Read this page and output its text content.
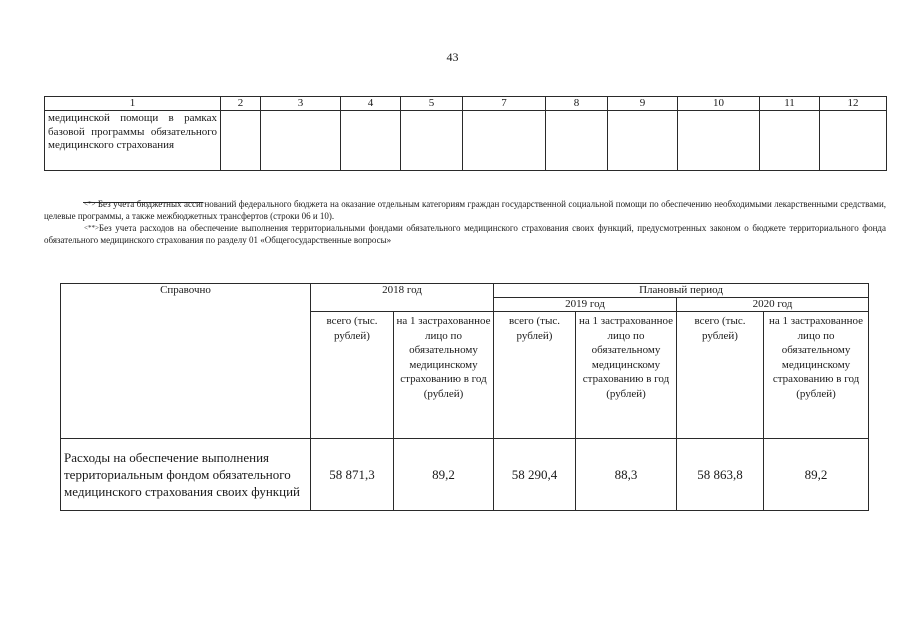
43
1	2	3	4	5	7	8	9	10	11	12
медицинской помощи в рамках базовой программы обязательного медицинского страхования										

<*> Без учета бюджетных ассигнований федерального бюджета на оказание отдельным категориям граждан государственной социальной помощи по обеспечению необходимыми лекарственными средствами, целевые программы, а также межбюджетных трансфертов (строки 06 и 10).

<**>Без учета расходов на обеспечение выполнения территориальными фондами обязательного медицинского страхования своих функций, предусмотренных законом о бюджете территориального фонда обязательного медицинского страхования по разделу 01 «Общегосударственные вопросы»

Справочно	2018 год		Плановый период			
			2019 год		2020 год	
	всего (тыс. рублей)	на 1 застрахованное лицо по обязательному медицинскому страхованию в год (рублей)	всего (тыс. рублей)	на 1 застрахованное лицо по обязательному медицинскому страхованию в год (рублей)	всего (тыс. рублей)	на 1 застрахованное лицо по обязательному медицинскому страхованию в год (рублей)
Расходы на обеспечение выполнения территориальным фондом обязательного медицинского страхования своих функций	58 871,3	89,2	58 290,4	88,3	58 863,8	89,2
